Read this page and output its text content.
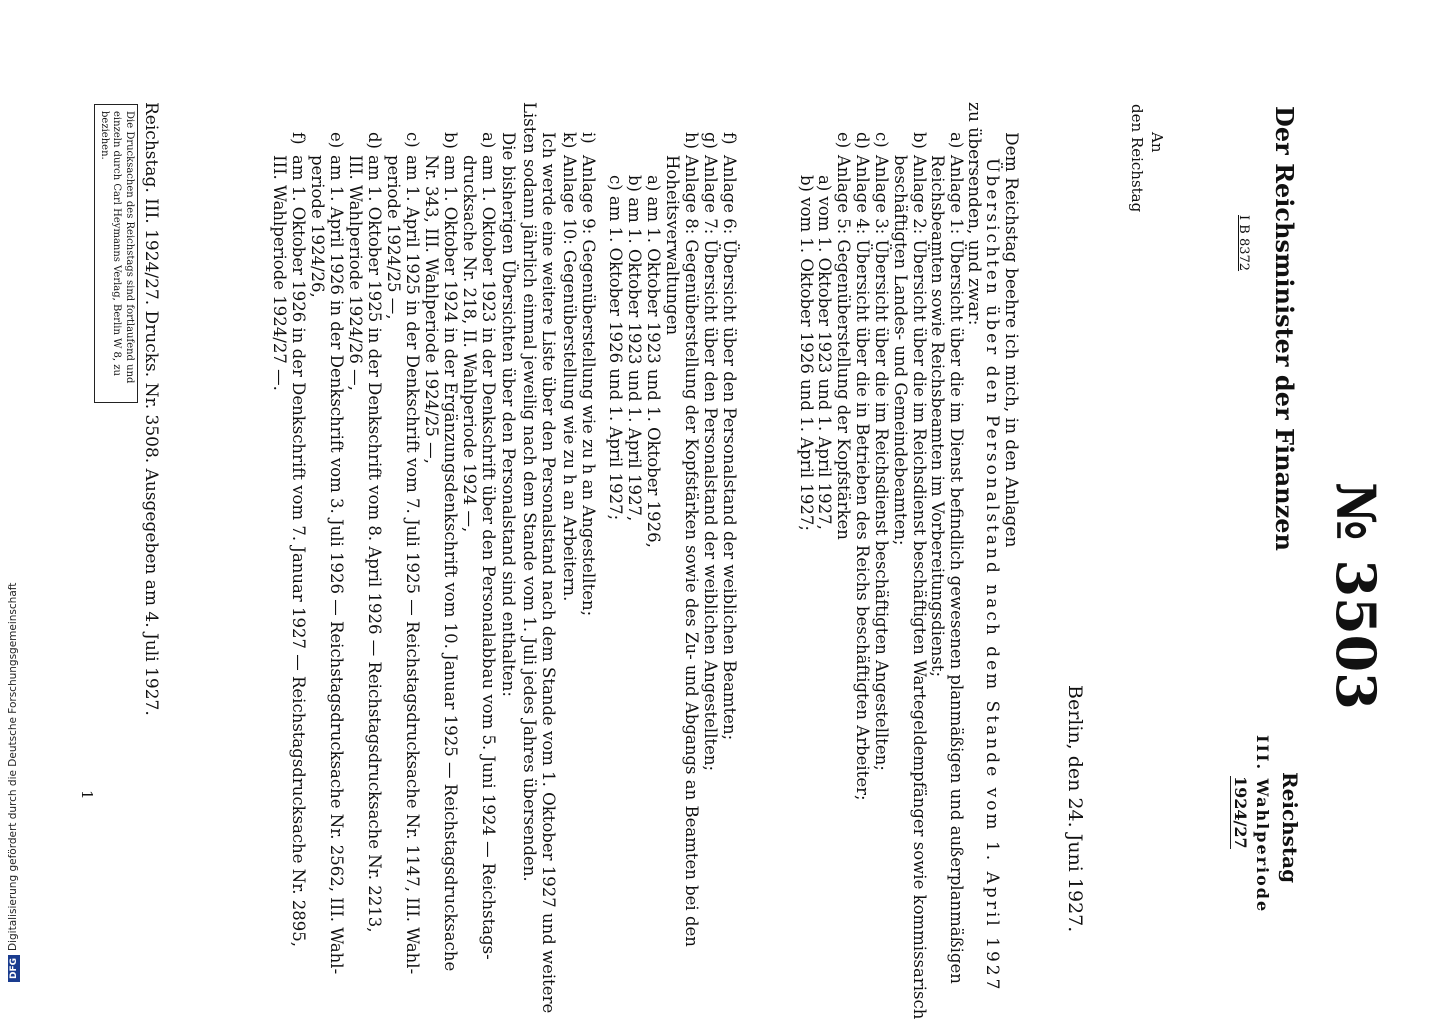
№ 3503
Der Reichsminister der Finanzen
I B 8372
Reichstag
III. Wahlperiode
1924/27
Berlin, den 24. Juni 1927.
An
den Reichstag
Dem Reichstag beehre ich mich, in den Anlagen
Übersichten über den Personalstand nach dem Stande vom 1. April 1927
zu übersenden, und zwar:
a)
Anlage 1: Übersicht über die im Dienst befindlich gewesenen planmäßigen und außerplanmäßigen
Reichsbeamten sowie Reichsbeamten im Vorbereitungsdienst;
b)
Anlage 2: Übersicht über die im Reichsdienst beschäftigten Wartegeldempfänger sowie kommissarisch
beschäftigten Landes- und Gemeindebeamten;
c)
Anlage 3: Übersicht über die im Reichsdienst beschäftigten Angestellten;
d)
Anlage 4: Übersicht über die in Betrieben des Reichs beschäftigten Arbeiter;
e)
Anlage 5: Gegenüberstellung der Kopfstärken
a) vom 1. Oktober 1923 und 1. April 1927,
b) vom 1. Oktober 1926 und 1. April 1927;
f)
Anlage 6: Übersicht über den Personalstand der weiblichen Beamten;
g)
Anlage 7: Übersicht über den Personalstand der weiblichen Angestellten;
h)
Anlage 8: Gegenüberstellung der Kopfstärken sowie des Zu- und Abgangs an Beamten bei den
Hoheitsverwaltungen
a) am 1. Oktober 1923 und 1. Oktober 1926,
b) am 1. Oktober 1923 und 1. April 1927,
c) am 1. Oktober 1926 und 1. April 1927;
i)
Anlage 9: Gegenüberstellung wie zu h an Angestellten;
k)
Anlage 10: Gegenüberstellung wie zu h an Arbeitern.
Ich werde eine weitere Liste über den Personalstand nach dem Stande vom 1. Oktober 1927 und weitere
Listen sodann jährlich einmal jeweilig nach dem Stande vom 1. Juli jedes Jahres übersenden.
Die bisherigen Übersichten über den Personalstand sind enthalten:
a)
am 1. Oktober 1923 in der Denkschrift über den Personalabbau vom 5. Juni 1924 — Reichstags-
drucksache Nr. 218, II. Wahlperiode 1924 —,
b)
am 1. Oktober 1924 in der Ergänzungsdenkschrift vom 10. Januar 1925 — Reichstagsdrucksache
Nr. 343, III. Wahlperiode 1924/25 —,
c)
am 1. April 1925 in der Denkschrift vom 7. Juli 1925 — Reichstagsdrucksache Nr. 1147, III. Wahl-
periode 1924/25 —,
d)
am 1. Oktober 1925 in der Denkschrift vom 8. April 1926 — Reichstagsdrucksache Nr. 2213,
III. Wahlperiode 1924/26 —,
e)
am 1. April 1926 in der Denkschrift vom 3. Juli 1926 — Reichstagsdrucksache Nr. 2562, III. Wahl-
periode 1924/26,
f)
am 1. Oktober 1926 in der Denkschrift vom 7. Januar 1927 — Reichstagsdrucksache Nr. 2895,
III. Wahlperiode 1924/27 —.
Die Drucksachen des Reichstags sind fortlaufend und einzeln durch Carl Heymanns Verlag, Berlin W 8, zu beziehen.	Reichstag. III. 1924/27. Drucks. Nr. 3508. Ausgegeben am 4. Juli 1927.
1
DFGDigitalisierung gefördert durch die Deutsche Forschungsgemeinschaft
